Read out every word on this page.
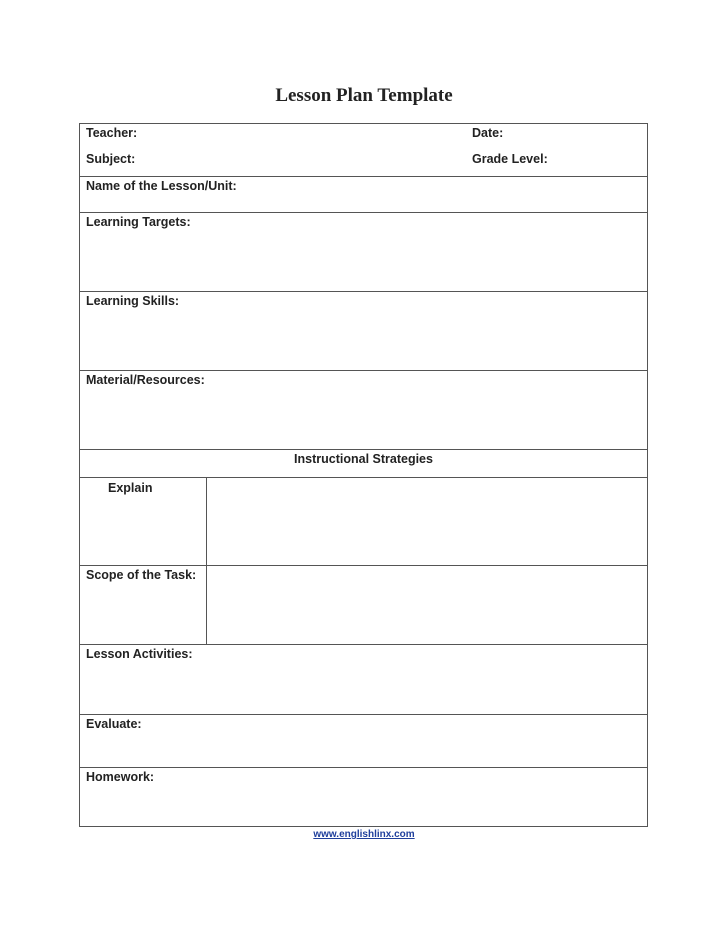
Lesson Plan Template
Teacher:	Date:
Subject:	Grade Level:
Name of the Lesson/Unit:
Learning Targets:
Learning Skills:
Material/Resources:
Instructional Strategies
Explain
Scope of the Task:
Lesson Activities:
Evaluate:
Homework:
www.englishlinx.com
